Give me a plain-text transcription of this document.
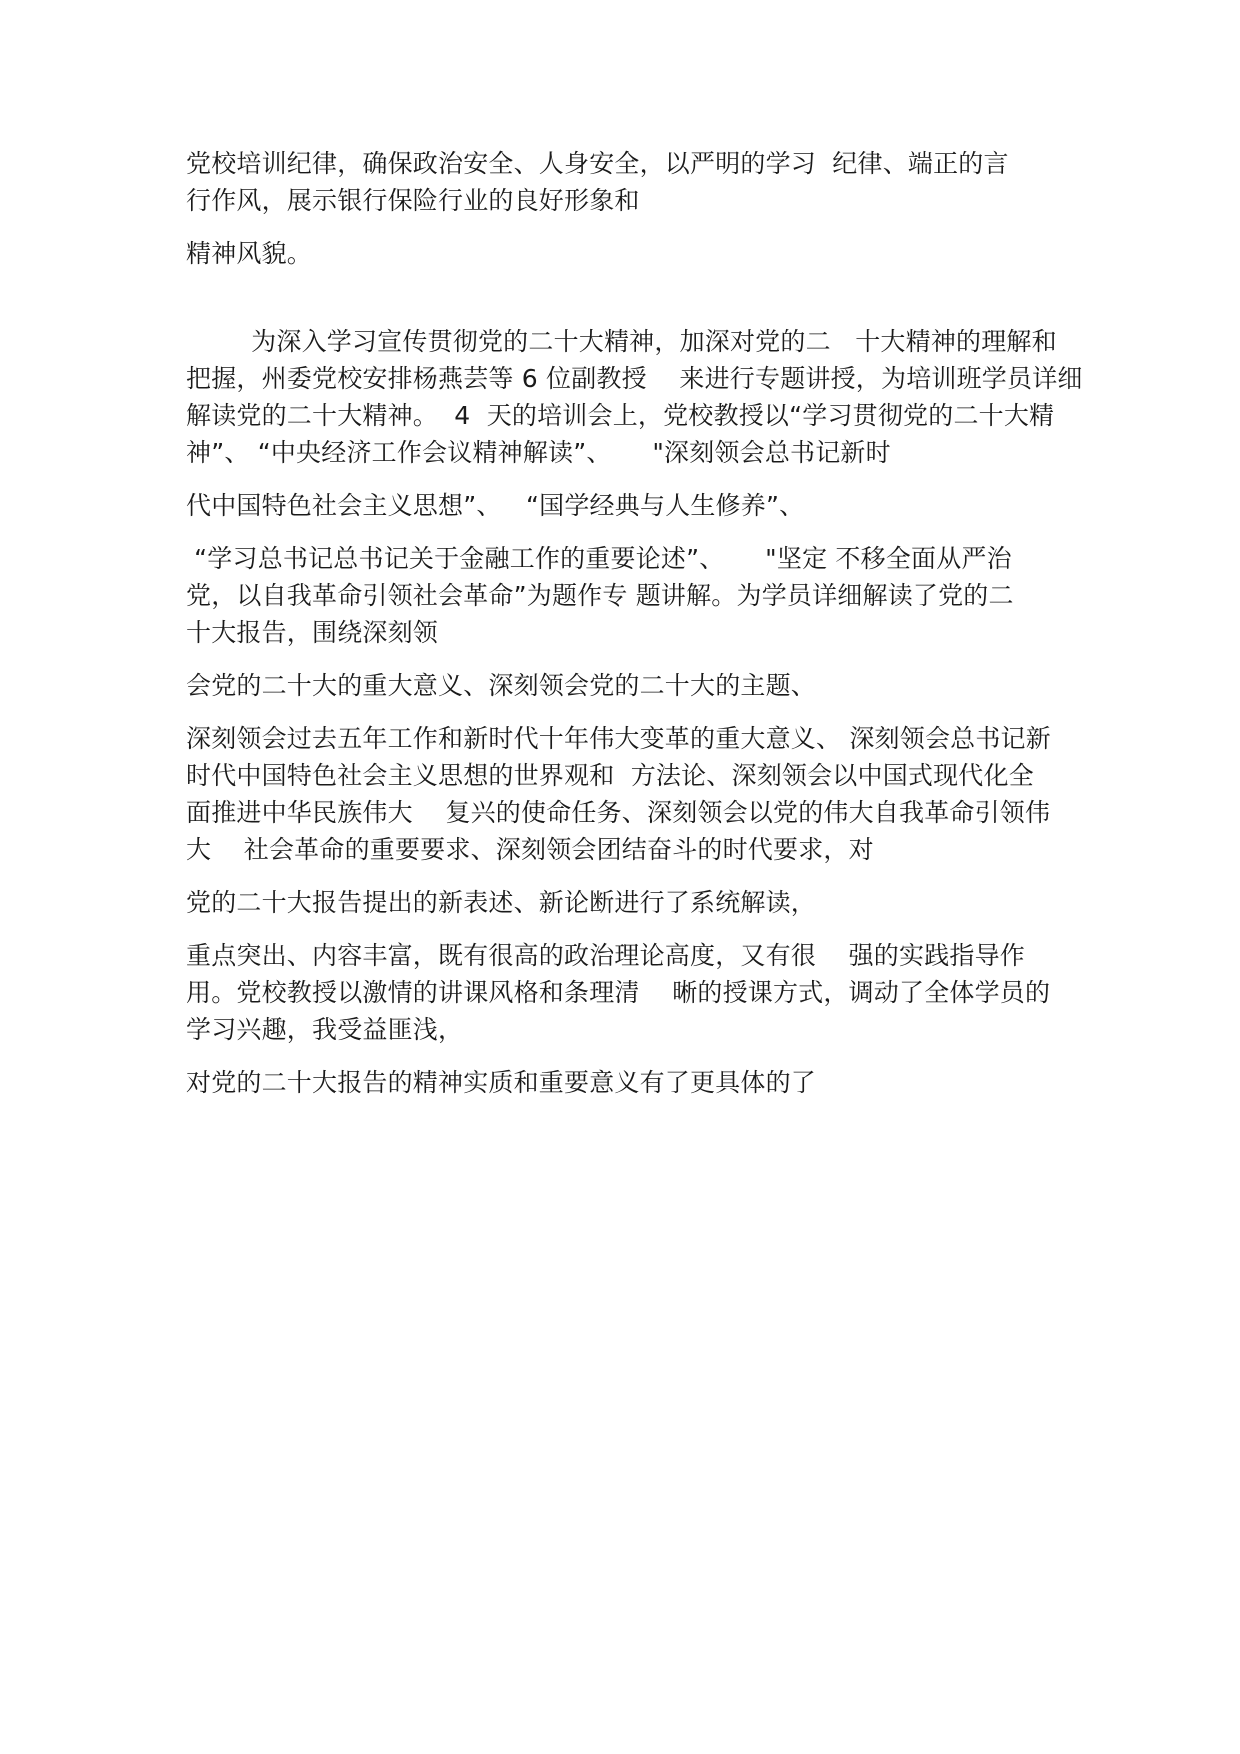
党校培训纪律，确保政治安全、人身安全，以严明的学习  纪律、端正的言
行作风，展示银行保险行业的良好形象和
精神风貌。
为深入学习宣传贯彻党的二十大精神，加深对党的二   十大精神的理解和
把握，州委党校安排杨燕芸等 6 位副教授    来进行专题讲授，为培训班学员详细
解读党的二十大精神。  4  天的培训会上，党校教授以“学习贯彻党的二十大精
神”、 “中央经济工作会议精神解读”、     "深刻领会总书记新时
代中国特色社会主义思想”、   “国学经典与人生修养”、
“学习总书记总书记关于金融工作的重要论述”、     "坚定 不移全面从严治
党，以自我革命引领社会革命”为题作专 题讲解。为学员详细解读了党的二
十大报告，围绕深刻领
会党的二十大的重大意义、深刻领会党的二十大的主题、
深刻领会过去五年工作和新时代十年伟大变革的重大意义、 深刻领会总书记新
时代中国特色社会主义思想的世界观和  方法论、深刻领会以中国式现代化全
面推进中华民族伟大    复兴的使命任务、深刻领会以党的伟大自我革命引领伟
大    社会革命的重要要求、深刻领会团结奋斗的时代要求，对
党的二十大报告提出的新表述、新论断进行了系统解读，
重点突出、内容丰富，既有很高的政治理论高度，又有很    强的实践指导作
用。党校教授以激情的讲课风格和条理清    晰的授课方式，调动了全体学员的
学习兴趣，我受益匪浅，
对党的二十大报告的精神实质和重要意义有了更具体的了
